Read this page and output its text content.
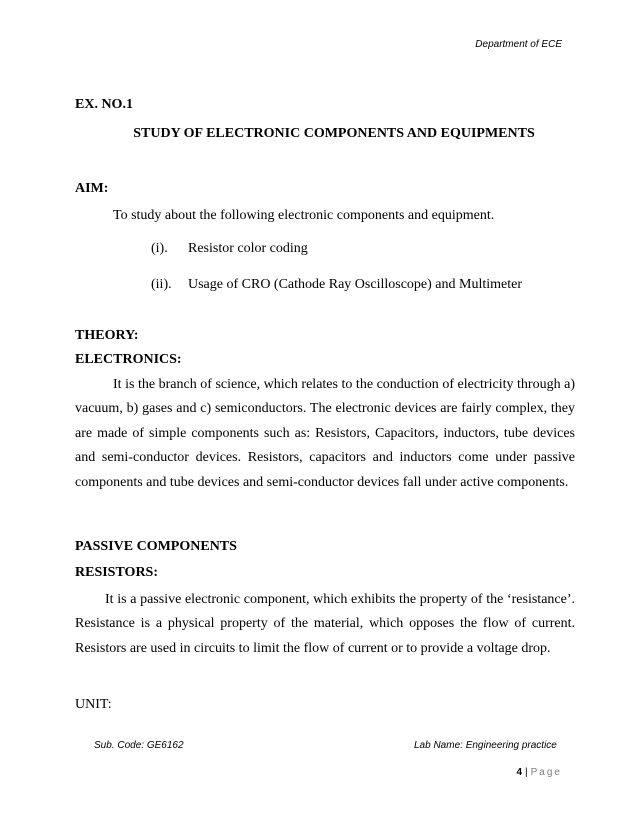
Department of ECE
EX. NO.1
STUDY OF ELECTRONIC COMPONENTS AND EQUIPMENTS
AIM:
To study about the following electronic components and equipment.
(i). Resistor color coding
(ii). Usage of CRO (Cathode Ray Oscilloscope) and Multimeter
THEORY:
ELECTRONICS:
It is the branch of science, which relates to the conduction of electricity through a) vacuum, b) gases and c) semiconductors. The electronic devices are fairly complex, they are made of simple components such as: Resistors, Capacitors, inductors, tube devices and semi-conductor devices. Resistors, capacitors and inductors come under passive components and tube devices and semi-conductor devices fall under active components.
PASSIVE COMPONENTS
RESISTORS:
It is a passive electronic component, which exhibits the property of the ‘resistance’. Resistance is a physical property of the material, which opposes the flow of current. Resistors are used in circuits to limit the flow of current or to provide a voltage drop.
UNIT:
Sub. Code: GE6162	Lab Name: Engineering practice
4 | Page
